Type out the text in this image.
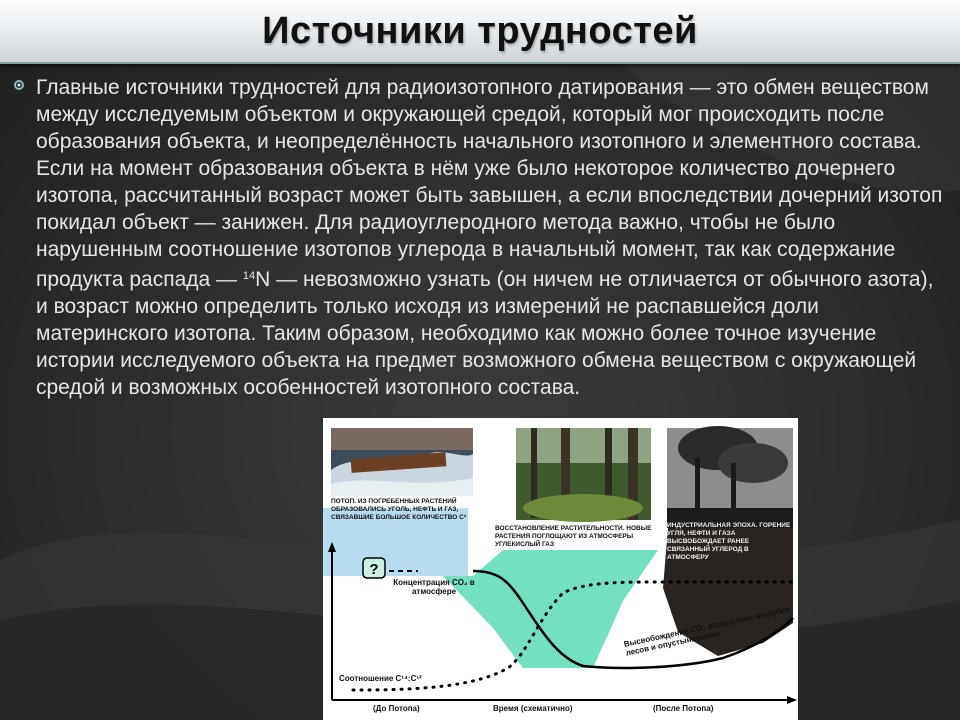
Источники трудностей

Главные источники трудностей для радиоизотопного датирования — это обмен веществом между исследуемым объектом и окружающей средой, который мог происходить после образования объекта, и неопределённость начального изотопного и элементного состава. Если на момент образования объекта в нём уже было некоторое количество дочернего изотопа, рассчитанный возраст может быть завышен, а если впоследствии дочерний изотоп покидал объект — занижен. Для радиоуглеродного метода важно, чтобы не было нарушенным соотношение изотопов углерода в начальный момент, так как содержание продукта распада — $^{14}$N — невозможно узнать (он ничем не отличается от обычного азота), и возраст можно определить только исходя из измерений не распавшейся доли материнского изотопа. Таким образом, необходимо как можно более точное изучение истории исследуемого объекта на предмет возможного обмена веществом с окружающей средой и возможных особенностей изотопного состава.

?
ПОТОП. ИЗ ПОГРЕБЕННЫХ РАСТЕНИЙ ОБРАЗОВАЛИСЬ УГОЛЬ, НЕФТЬ И ГАЗ, СВЯЗАВШИЕ БОЛЬШОЕ КОЛИЧЕСТВО C²
ВОССТАНОВЛЕНИЕ РАСТИТЕЛЬНОСТИ. НОВЫЕ РАСТЕНИЯ ПОГЛОЩАЮТ ИЗ АТМОСФЕРЫ УГЛЕКИСЛЫЙ ГАЗ
ИНДУСТРИАЛЬНАЯ ЭПОХА. ГОРЕНИЕ УГЛЯ, НЕФТИ И ГАЗА ВЫСВОБОЖДАЕТ РАНЕЕ СВЯЗАННЫЙ УГЛЕРОД В АТМОСФЕРУ
Концентрация CO₂ в атмосфере
Соотношение C¹⁴:C¹²
Высвобождение CO₂ вследствие вырубки лесов и опустынивания
(До Потопа)	Время (схематично)	(После Потопа)
